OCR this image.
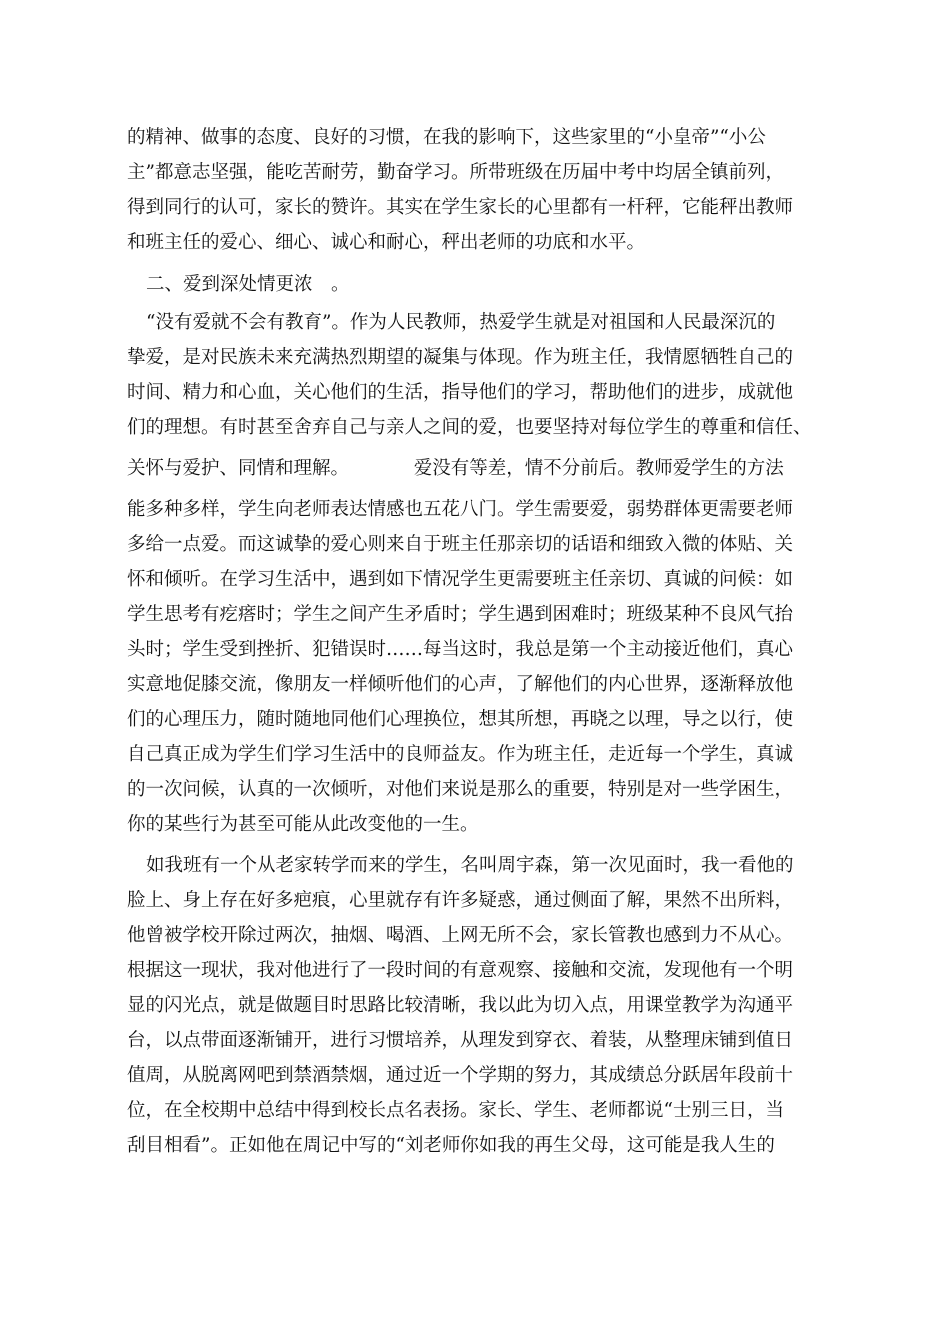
的精神、做事的态度、良好的习惯，在我的影响下，这些家里的“小皇帝”“小公
主”都意志坚强，能吃苦耐劳，勤奋学习。所带班级在历届中考中均居全镇前列，
得到同行的认可，家长的赞许。其实在学生家长的心里都有一杆秤，它能秤出教师
和班主任的爱心、细心、诚心和耐心，秤出老师的功底和水平。
二、爱到深处情更浓　。
“没有爱就不会有教育”。作为人民教师，热爱学生就是对祖国和人民最深沉的
挚爱，是对民族未来充满热烈期望的凝集与体现。作为班主任，我情愿牺牲自己的
时间、精力和心血，关心他们的生活，指导他们的学习，帮助他们的进步，成就他
们的理想。有时甚至舍弃自己与亲人之间的爱，也要坚持对每位学生的尊重和信任、
关怀与爱护、同情和理解。　　　　爱没有等差，情不分前后。教师爱学生的方法
能多种多样，学生向老师表达情感也五花八门。学生需要爱，弱势群体更需要老师
多给一点爱。而这诚挚的爱心则来自于班主任那亲切的话语和细致入微的体贴、关
怀和倾听。在学习生活中，遇到如下情况学生更需要班主任亲切、真诚的问候：如
学生思考有疙瘩时；学生之间产生矛盾时；学生遇到困难时；班级某种不良风气抬
头时；学生受到挫折、犯错误时……每当这时，我总是第一个主动接近他们，真心
实意地促膝交流，像朋友一样倾听他们的心声，了解他们的内心世界，逐渐释放他
们的心理压力，随时随地同他们心理换位，想其所想，再晓之以理，导之以行，使
自己真正成为学生们学习生活中的良师益友。作为班主任，走近每一个学生，真诚
的一次问候，认真的一次倾听，对他们来说是那么的重要，特别是对一些学困生，
你的某些行为甚至可能从此改变他的一生。
如我班有一个从老家转学而来的学生，名叫周宇森，第一次见面时，我一看他的
脸上、身上存在好多疤痕，心里就存有许多疑惑，通过侧面了解，果然不出所料，
他曾被学校开除过两次，抽烟、喝酒、上网无所不会，家长管教也感到力不从心。
根据这一现状，我对他进行了一段时间的有意观察、接触和交流，发现他有一个明
显的闪光点，就是做题目时思路比较清晰，我以此为切入点，用课堂教学为沟通平
台，以点带面逐渐铺开，进行习惯培养，从理发到穿衣、着装，从整理床铺到值日
值周，从脱离网吧到禁酒禁烟，通过近一个学期的努力，其成绩总分跃居年段前十
位，在全校期中总结中得到校长点名表扬。家长、学生、老师都说“士别三日，当
刮目相看”。正如他在周记中写的“刘老师你如我的再生父母，这可能是我人生的
